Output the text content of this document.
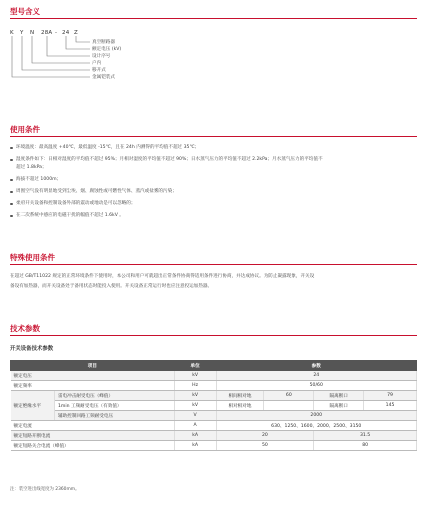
型号含义
K Y N 28A - 24 Z
真空断路器
额定电压 (kV)
设计序号
户内
移开式
金属铠装式
使用条件
环境温度：最高温度 +40℃，最低温度 -15℃，且在 24h 内测得的平均值不超过 35℃；
湿度条件如下：日相对湿度的平均值不超过 95%；月相对湿度的平均值不超过 90%；日水蒸气压力的平均值不超过 2.2kPa；月水蒸气压力的平均值不
超过 1.8kPa；
海拔不超过 1000m；
周围空气没有明显地受到尘埃、烟、腐蚀性或可燃性气体、蒸汽或盐雾的污染；
柔府开关设备和控制设备外部的震动或地动是可以忽略的；
在二次系统中感应的电磁干扰的幅值不超过 1.6kV 。
特殊使用条件
在超过 GB/T11022 规定的正常环境条件下使用时，本公司和用户可就超出正常条件协商得适用条件进行协商，并达成协议。为防止凝露现象，开关设
备设有加热器，而开关设备处于备用状态时能投入使用。开关设备正常运行时也应注意投运加热器。
技术参数
开关设备技术参数
项目		单位	参数			
额定电压		kV	24			
额定频率		Hz	50/60			
额定绝缘水平	雷电冲击耐受电压（峰值）	kV	相间相对地	60	隔离断口	79
	1min 工频耐受电压（有效值）	kV	相对相对地		隔离断口	145
	辅助控制回路工频耐受电压	V	2000			
额定电流		A	630、1250、1600、2000、2500、3150			
额定短路开断电流		kA	20		31.5	
额定短路关合电流（峰值）		kA	50		80	
注：装空进出线宽度为 2360mm。
